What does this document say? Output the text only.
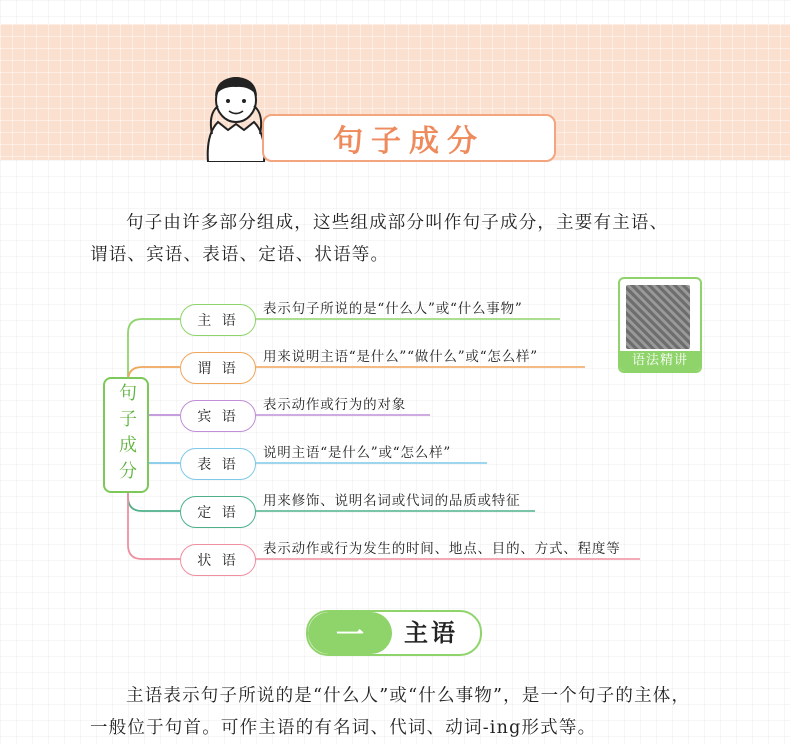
句子成分
句子由许多部分组成，这些组成部分叫作句子成分，主要有主语、
谓语、宾语、表语、定语、状语等。
句子成分
主 语
表示句子所说的是“什么人”或“什么事物”
谓 语
用来说明主语“是什么”“做什么”或“怎么样”
宾 语
表示动作或行为的对象
表 语
说明主语“是什么”或“怎么样”
定 语
用来修饰、说明名词或代词的品质或特征
状 语
表示动作或行为发生的时间、地点、目的、方式、程度等
语法精讲
一	主语
主语表示句子所说的是“什么人”或“什么事物”，是一个句子的主体，
一般位于句首。可作主语的有名词、代词、动词-ing形式等。
